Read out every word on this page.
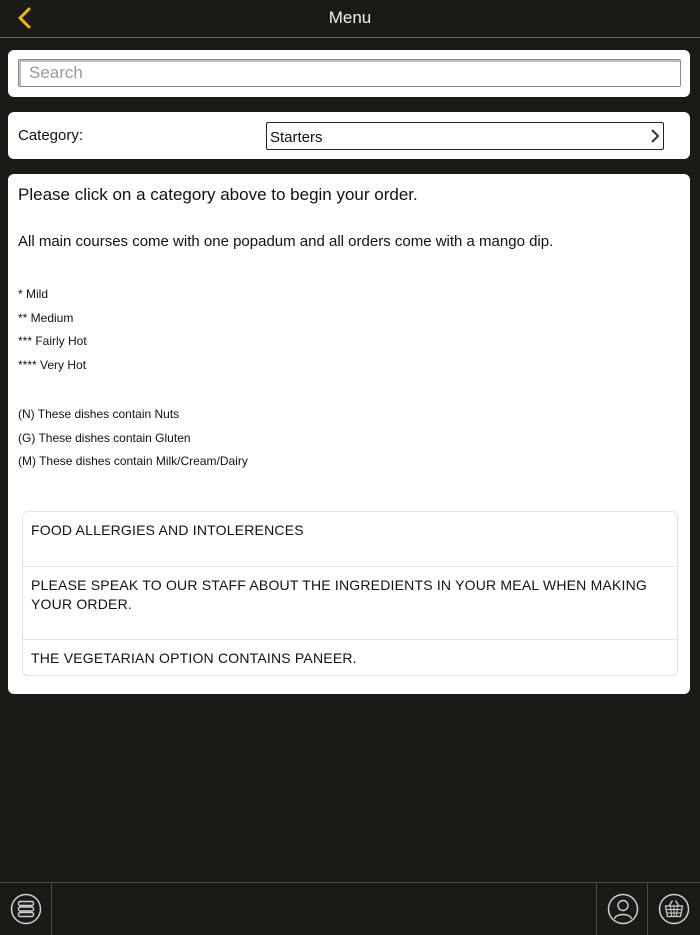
Menu
Search
Category:	Starters
Please click on a category above to begin your order.
All main courses come with one popadum and all orders come with a mango dip.
* Mild
** Medium
*** Fairly Hot
**** Very Hot
(N) These dishes contain Nuts
(G) These dishes contain Gluten
(M) These dishes contain Milk/Cream/Dairy
FOOD ALLERGIES AND INTOLERENCES
PLEASE SPEAK TO OUR STAFF ABOUT THE INGREDIENTS IN YOUR MEAL WHEN MAKING YOUR ORDER.
THE VEGETARIAN OPTION CONTAINS PANEER.
